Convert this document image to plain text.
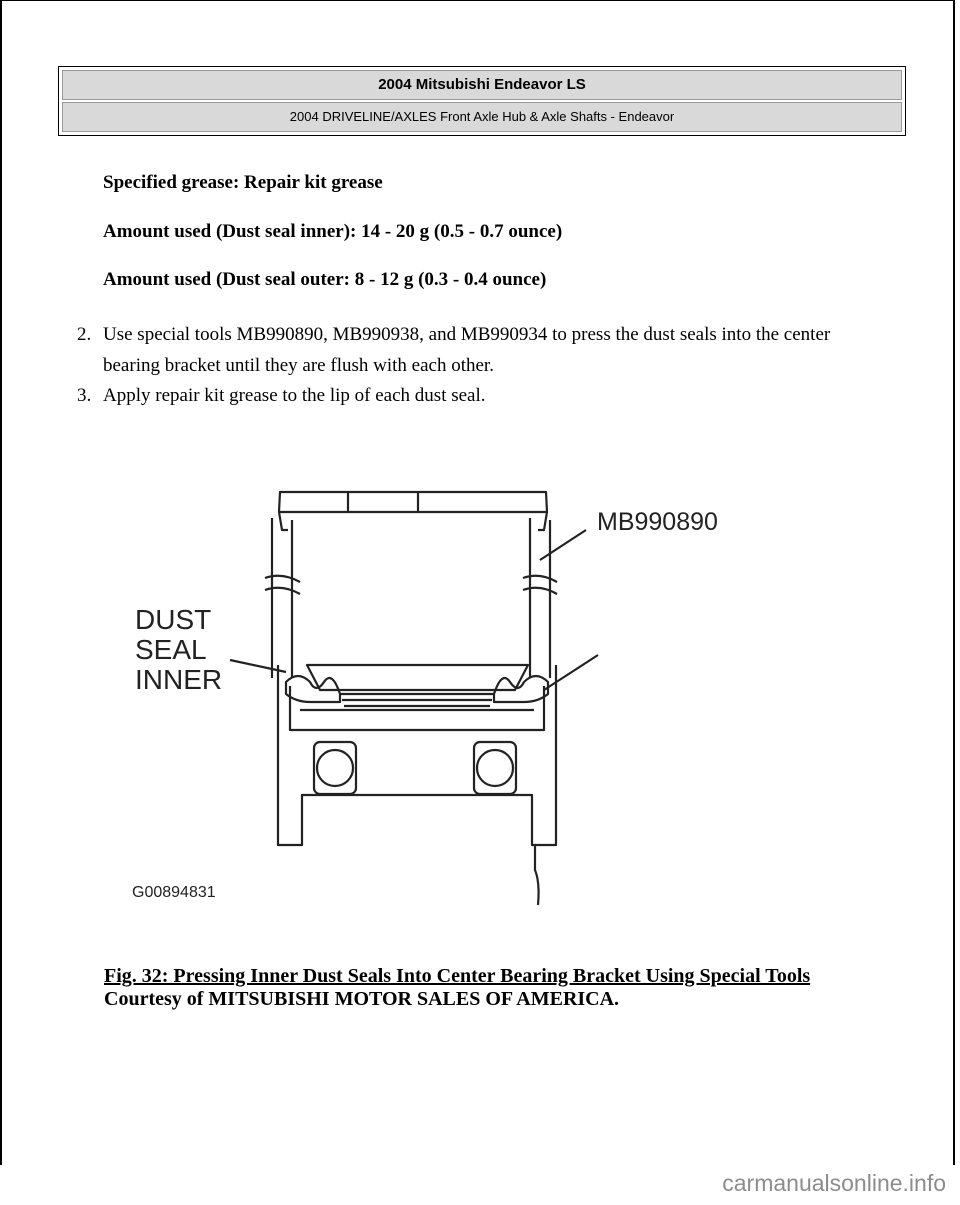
2004 Mitsubishi Endeavor LS
2004 DRIVELINE/AXLES Front Axle Hub & Axle Shafts - Endeavor
Specified grease: Repair kit grease
Amount used (Dust seal inner): 14 - 20 g (0.5 - 0.7 ounce)
Amount used (Dust seal outer: 8 - 12 g (0.3 - 0.4 ounce)
2. Use special tools MB990890, MB990938, and MB990934 to press the dust seals into the center bearing bracket until they are flush with each other.
3. Apply repair kit grease to the lip of each dust seal.
MB990890
DUST
SEAL
INNER
G00894831
Fig. 32: Pressing Inner Dust Seals Into Center Bearing Bracket Using Special Tools
Courtesy of MITSUBISHI MOTOR SALES OF AMERICA.
carmanualsonline.info
